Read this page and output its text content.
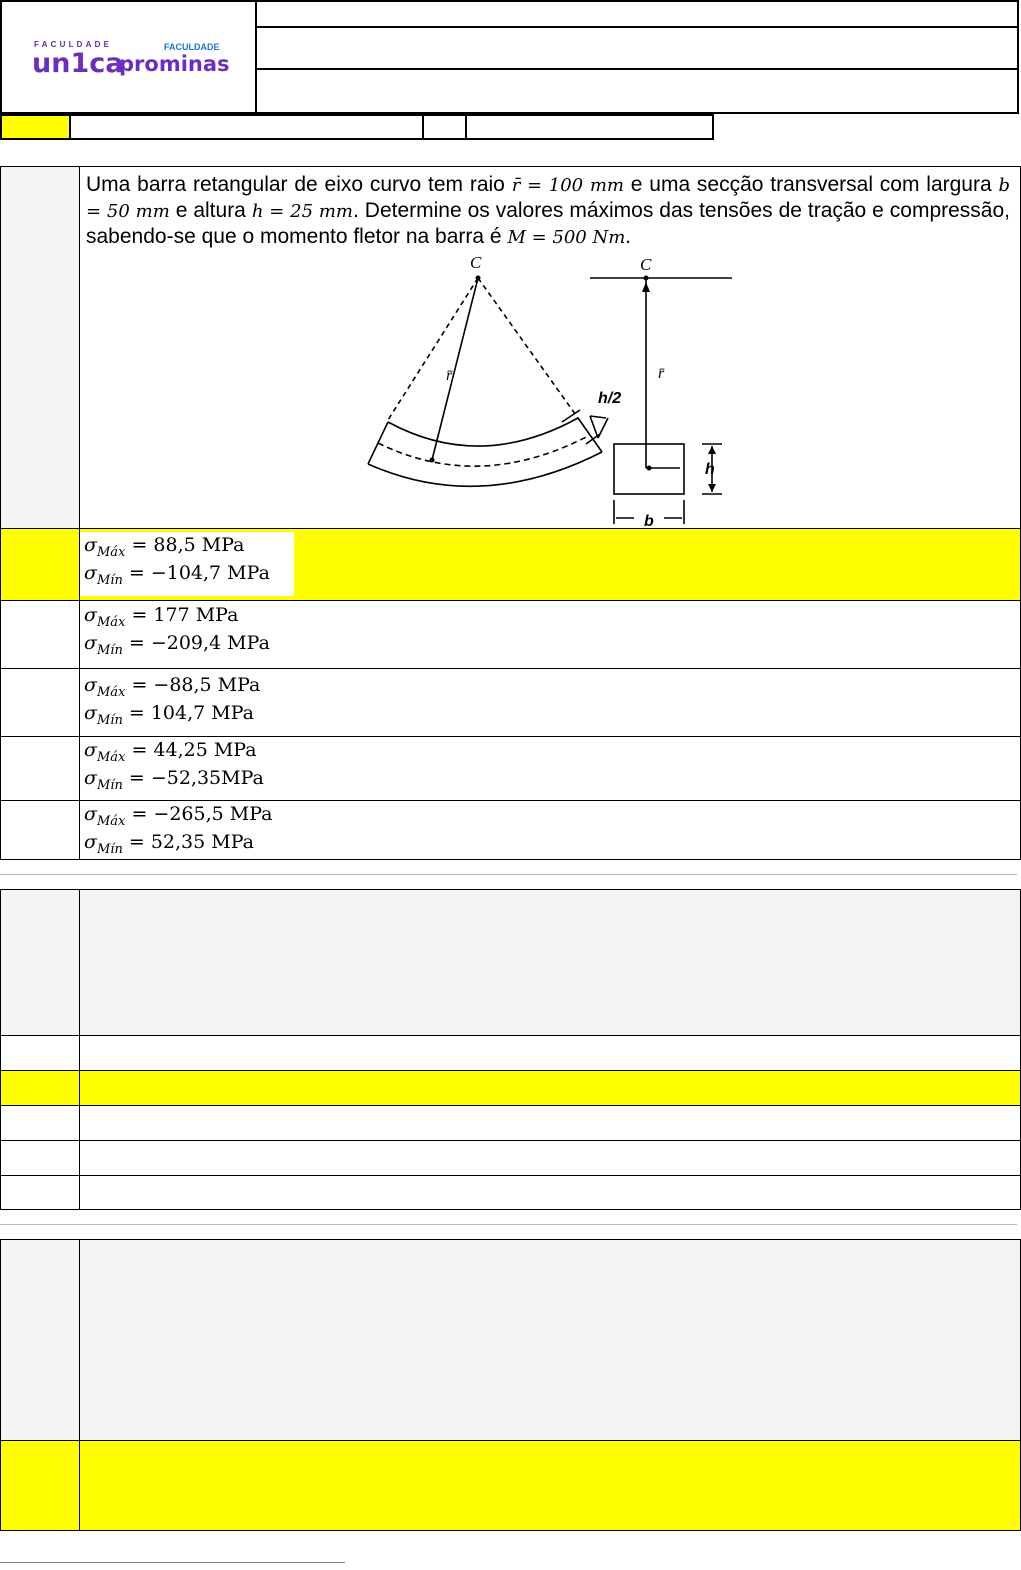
FACULDADE
un1ca
FACULDADE
prominas
Uma barra retangular de eixo curvo tem raio r̄ = 100 mm e uma secção transversal com largura b = 50 mm e altura h = 25 mm. Determine os valores máximos das tensões de tração e compressão, sabendo-se que o momento fletor na barra é M = 500 Nm.
C
r̄
h/2
C
r̄
h
b
$\sigma_{Máx} = 88,5$ MPa
$\sigma_{Mín} = -104,7$ MPa
$\sigma_{Máx} = 177$ MPa
$\sigma_{Mín} = -209,4$ MPa
$\sigma_{Máx} = -88,5$ MPa
$\sigma_{Mín} = 104,7$ MPa
$\sigma_{Máx} = 44,25$ MPa
$\sigma_{Mín} = -52,35MPa$
$\sigma_{Máx} = -265,5$ MPa
$\sigma_{Mín} = 52,35$ MPa
